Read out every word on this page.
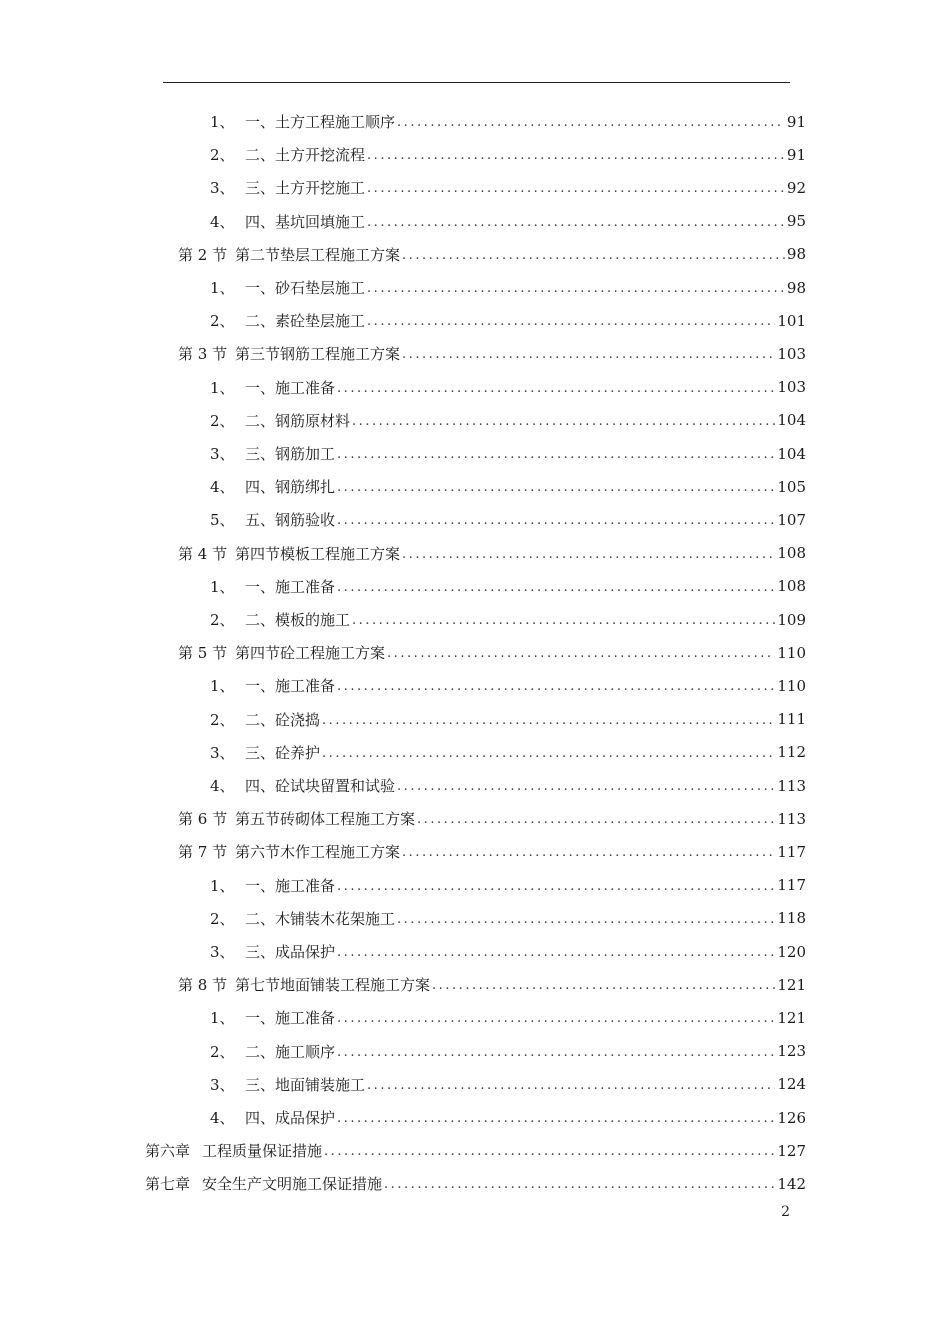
1、 一、土方工程施工顺序 . . .	91
2、 二、土方开挖流程 . . .	91
3、 三、土方开挖施工 . . .	92
4、 四、基坑回填施工 . . .	95
第 2 节 第二节垫层工程施工方案 . . .	98
1、 一、砂石垫层施工 . . .	98
2、 二、素砼垫层施工 . . .	101
第 3 节 第三节钢筋工程施工方案 . . .	103
1、 一、施工准备 . . .	103
2、 二、钢筋原材料 . . .	104
3、 三、钢筋加工 . . .	104
4、 四、钢筋绑扎 . . .	105
5、 五、钢筋验收 . . .	107
第 4 节 第四节模板工程施工方案 . . .	108
1、 一、施工准备 . . .	108
2、 二、模板的施工 . . .	109
第 5 节 第四节砼工程施工方案 . . .	110
1、 一、施工准备 . . .	110
2、 二、砼浇捣 . . .	111
3、 三、砼养护 . . .	112
4、 四、砼试块留置和试验 . . .	113
第 6 节 第五节砖砌体工程施工方案 . . .	113
第 7 节 第六节木作工程施工方案 . . .	117
1、 一、施工准备 . . .	117
2、 二、木铺装木花架施工 . . .	118
3、 三、成品保护 . . .	120
第 8 节 第七节地面铺装工程施工方案 . . .	121
1、 一、施工准备 . . .	121
2、 二、施工顺序 . . .	123
3、 三、地面铺装施工 . . .	124
4、 四、成品保护 . . .	126
第六章 工程质量保证措施 . . .	127
第七章 安全生产文明施工保证措施 . . .	142
2
